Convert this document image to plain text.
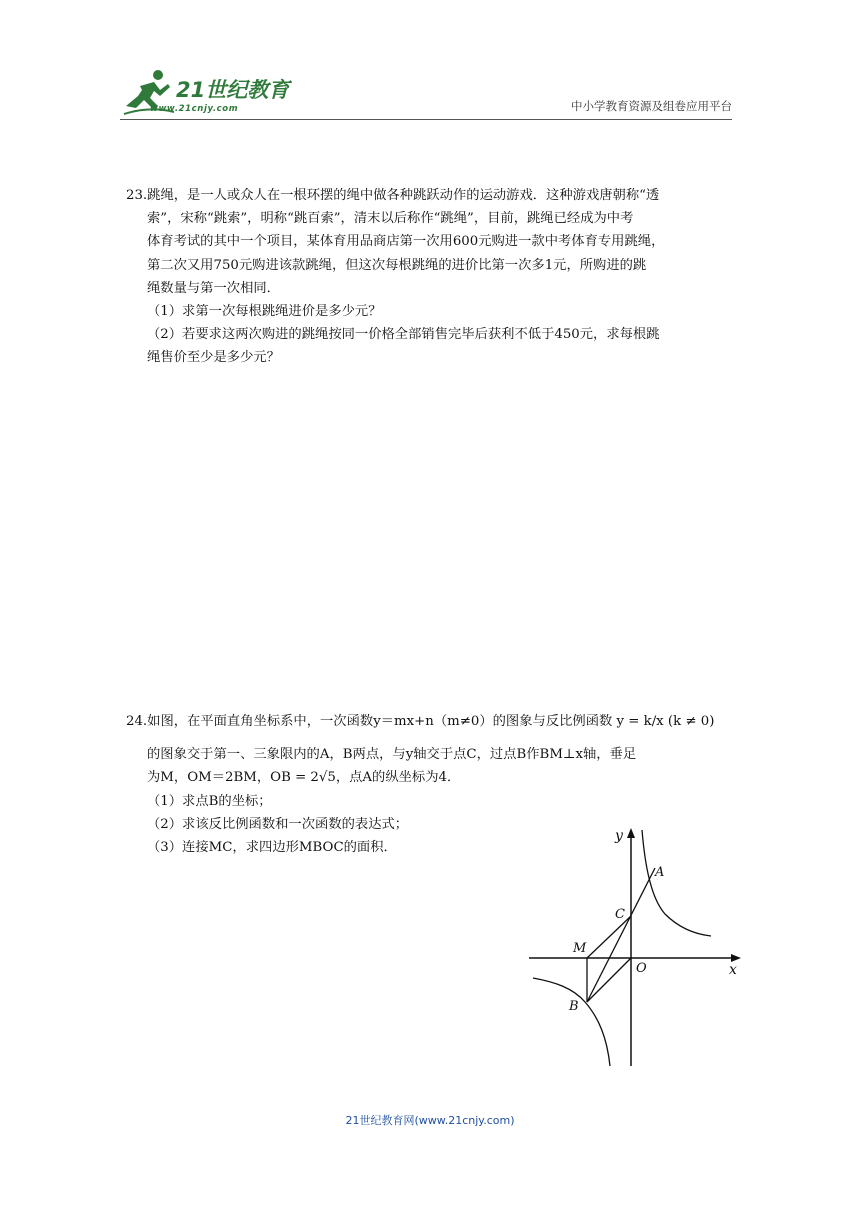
21世纪教育
www.21cnjy.com	中小学教育资源及组卷应用平台

23.跳绳，是一人或众人在一根环摆的绳中做各种跳跃动作的运动游戏．这种游戏唐朝称“透

索”，宋称“跳索”，明称“跳百索”，清末以后称作“跳绳”，目前，跳绳已经成为中考

体育考试的其中一个项目，某体育用品商店第一次用600元购进一款中考体育专用跳绳，

第二次又用750元购进该款跳绳，但这次每根跳绳的进价比第一次多1元，所购进的跳

绳数量与第一次相同．

（1）求第一次每根跳绳进价是多少元？

（2）若要求这两次购进的跳绳按同一价格全部销售完毕后获利不低于450元，求每根跳

绳售价至少是多少元？

24.如图，在平面直角坐标系中，一次函数y＝mx+n（m≠0）的图象与反比例函数 y = k/x (k ≠ 0)

的图象交于第一、三象限内的A，B两点，与y轴交于点C，过点B作BM⊥x轴，垂足

为M，OM＝2BM，OB = 2√5，点A的纵坐标为4．

（1）求点B的坐标；

（2）求该反比例函数和一次函数的表达式；

（3）连接MC，求四边形MBOC的面积．

y
x
O
A
C
M
B
21世纪教育网(www.21cnjy.com)
